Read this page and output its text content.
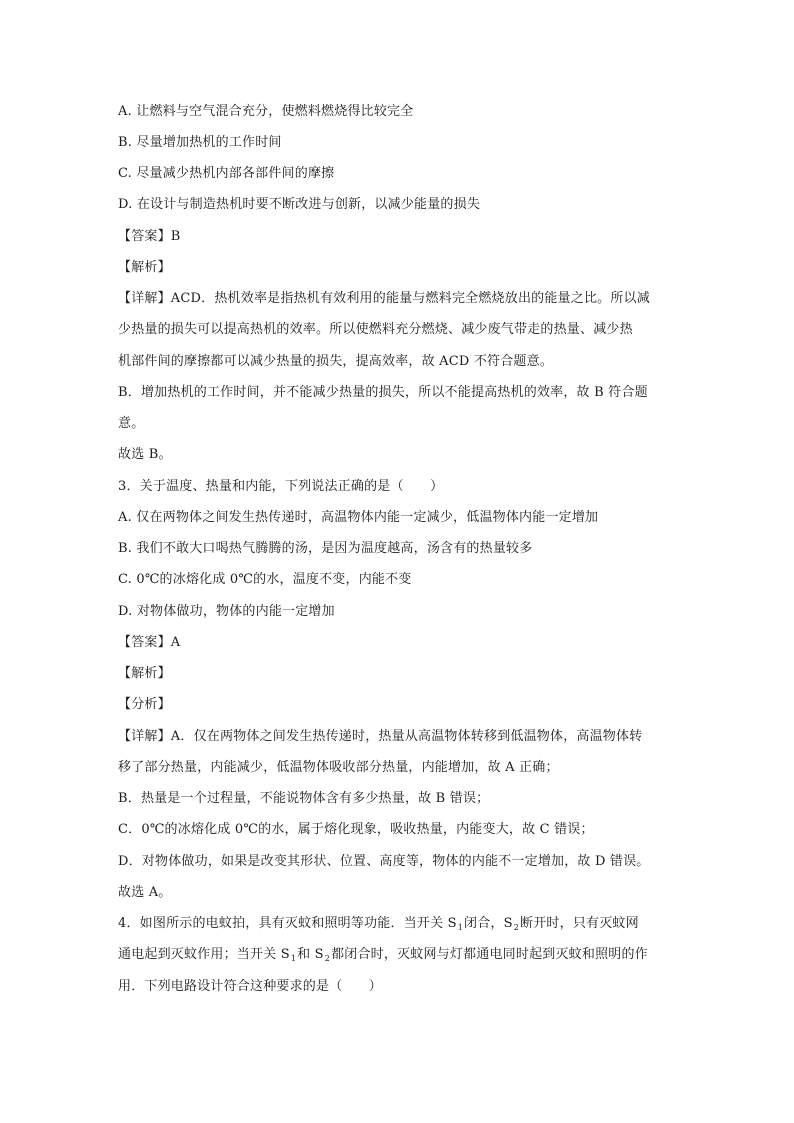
A. 让燃料与空气混合充分，使燃料燃烧得比较完全
B. 尽量增加热机的工作时间
C. 尽量减少热机内部各部件间的摩擦
D. 在设计与制造热机时要不断改进与创新，以减少能量的损失
【答案】B
【解析】
【详解】ACD．热机效率是指热机有效利用的能量与燃料完全燃烧放出的能量之比。所以减
少热量的损失可以提高热机的效率。所以使燃料充分燃烧、减少废气带走的热量、减少热
机部件间的摩擦都可以减少热量的损失，提高效率，故 ACD 不符合题意。
B．增加热机的工作时间，并不能减少热量的损失，所以不能提高热机的效率，故 B 符合题
意。
故选 B。
3．关于温度、热量和内能，下列说法正确的是（　　）
A. 仅在两物体之间发生热传递时，高温物体内能一定减少，低温物体内能一定增加
B. 我们不敢大口喝热气腾腾的汤，是因为温度越高，汤含有的热量较多
C. 0℃的冰熔化成 0℃的水，温度不变，内能不变
D. 对物体做功，物体的内能一定增加
【答案】A
【解析】
【分析】
【详解】A．仅在两物体之间发生热传递时，热量从高温物体转移到低温物体，高温物体转
移了部分热量，内能减少，低温物体吸收部分热量，内能增加，故 A 正确；
B．热量是一个过程量，不能说物体含有多少热量，故 B 错误；
C．0℃的冰熔化成 0℃的水，属于熔化现象，吸收热量，内能变大，故 C 错误；
D．对物体做功，如果是改变其形状、位置、高度等，物体的内能不一定增加，故 D 错误。
故选 A。
4．如图所示的电蚊拍，具有灭蚊和照明等功能．当开关 $S_1$闭合，$S_2$断开时，只有灭蚊网
通电起到灭蚊作用；当开关 $S_1$和 $S_2$都闭合时，灭蚊网与灯都通电同时起到灭蚊和照明的作
用．下列电路设计符合这种要求的是（　　）
